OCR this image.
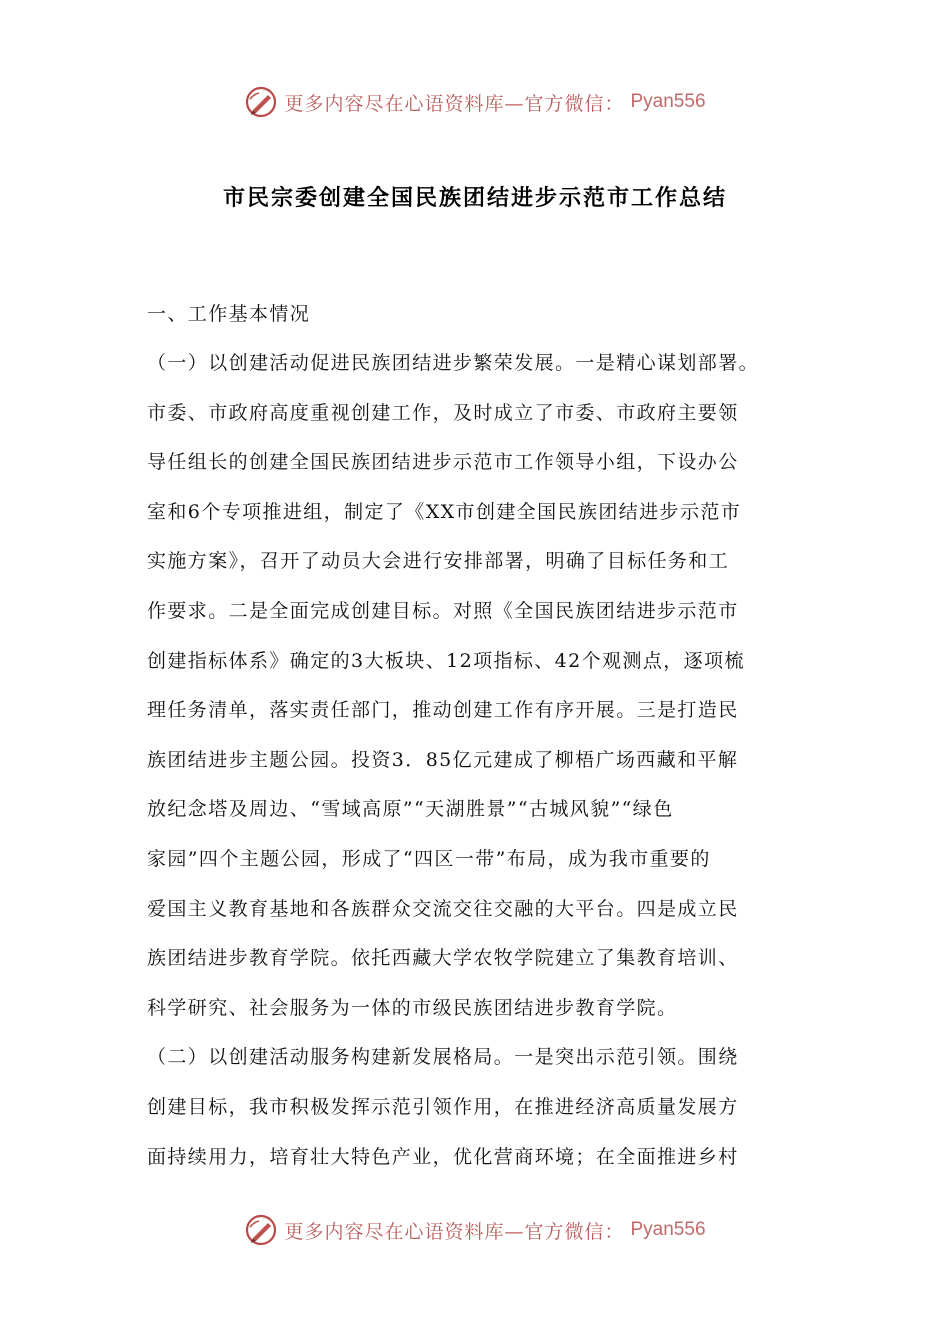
更多内容尽在心语资料库—官方微信： Pyan556
市民宗委创建全国民族团结进步示范市工作总结
一、工作基本情况
（一）以创建活动促进民族团结进步繁荣发展。一是精心谋划部署。
市委、市政府高度重视创建工作，及时成立了市委、市政府主要领
导任组长的创建全国民族团结进步示范市工作领导小组，下设办公
室和6个专项推进组，制定了《XX市创建全国民族团结进步示范市
实施方案》，召开了动员大会进行安排部署，明确了目标任务和工
作要求。二是全面完成创建目标。对照《全国民族团结进步示范市
创建指标体系》确定的3大板块、12项指标、42个观测点，逐项梳
理任务清单，落实责任部门，推动创建工作有序开展。三是打造民
族团结进步主题公园。投资3．85亿元建成了柳梧广场西藏和平解
放纪念塔及周边、“雪域高原”“天湖胜景”“古城风貌”“绿色
家园”四个主题公园，形成了“四区一带”布局，成为我市重要的
爱国主义教育基地和各族群众交流交往交融的大平台。四是成立民
族团结进步教育学院。依托西藏大学农牧学院建立了集教育培训、
科学研究、社会服务为一体的市级民族团结进步教育学院。
（二）以创建活动服务构建新发展格局。一是突出示范引领。围绕
创建目标，我市积极发挥示范引领作用，在推进经济高质量发展方
面持续用力，培育壮大特色产业，优化营商环境；在全面推进乡村
更多内容尽在心语资料库—官方微信： Pyan556
